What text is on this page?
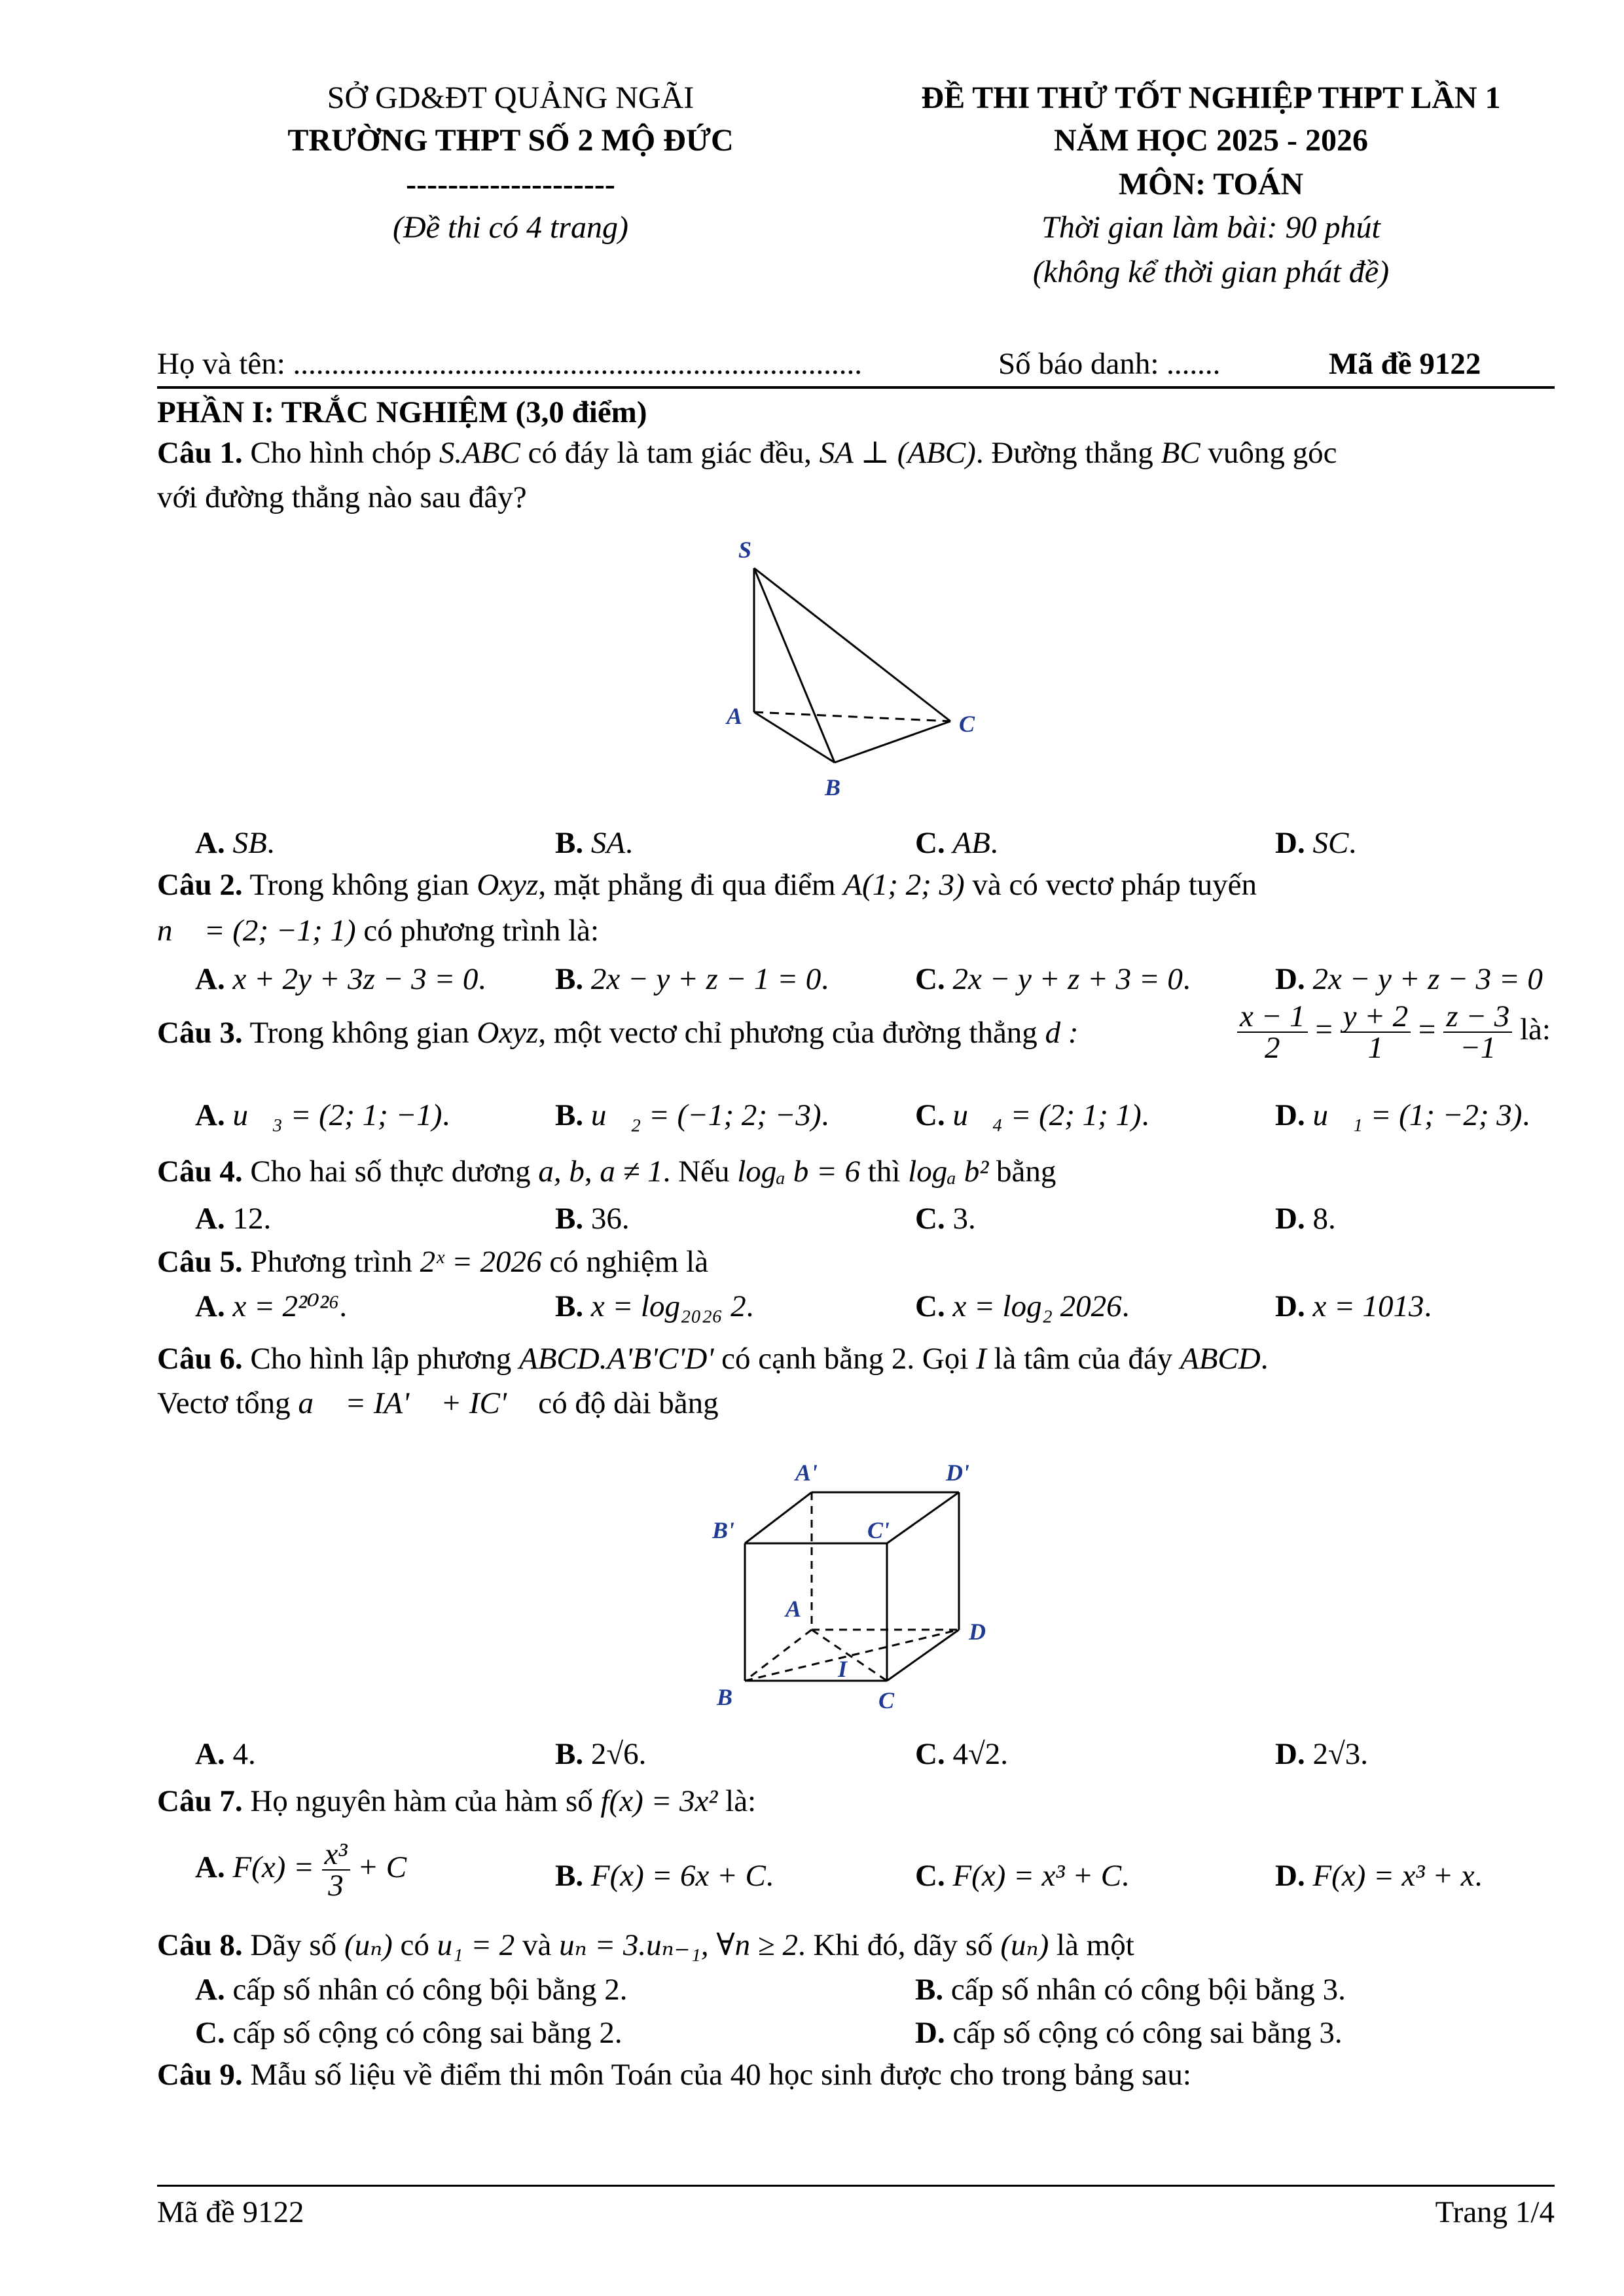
SỞ GD&ĐT QUẢNG NGÃI
TRƯỜNG THPT SỐ 2 MỘ ĐỨC
--------------------
(Đề thi có 4 trang)
ĐỀ THI THỬ TỐT NGHIỆP THPT LẦN 1
NĂM HỌC 2025 - 2026
MÔN: TOÁN
Thời gian làm bài: 90 phút
(không kể thời gian phát đề)
Họ và tên: ..........................................................................	Số báo danh: .......	Mã đề 9122
PHẦN I: TRẮC NGHIỆM (3,0 điểm)
Câu 1. Cho hình chóp S.ABC có đáy là tam giác đều, SA ⊥ (ABC). Đường thẳng BC vuông góc
với đường thẳng nào sau đây?
S
A
B
C
A. SB.	B. SA.	C. AB.	D. SC.
Câu 2. Trong không gian Oxyz, mặt phẳng đi qua điểm A(1; 2; 3) và có vectơ pháp tuyến
n⃗ = (2; −1; 1) có phương trình là:
A. x + 2y + 3z − 3 = 0. B. 2x − y + z − 1 = 0.	C. 2x − y + z + 3 = 0.	D. 2x − y + z − 3 = 0
Câu 3. Trong không gian Oxyz, một vectơ chỉ phương của đường thẳng d :	$\frac{x - 1}{2} = \frac{y + 2}{1} = \frac{z - 3}{-1}$ là:
A. u⃗₃ = (2; 1; −1).	B. u⃗₂ = (−1; 2; −3).	C. u⃗₄ = (2; 1; 1).	D. u⃗₁ = (1; −2; 3).
Câu 4. Cho hai số thực dương a, b, a ≠ 1. Nếu logₐ b = 6 thì logₐ b² bằng
A. 12.	B. 36.	C. 3.	D. 8.
Câu 5. Phương trình 2ˣ = 2026 có nghiệm là
A. x = 2²⁰²⁶.	B. x = log₂₀₂₆ 2.	C. x = log₂ 2026.	D. x = 1013.
Câu 6. Cho hình lập phương ABCD.A'B'C'D' có cạnh bằng 2. Gọi I là tâm của đáy ABCD.
Vectơ tổng a⃗ = IA'⃗ + IC'⃗ có độ dài bằng
A'	D'
B'	C'
A
D
I
B	C
A. 4.	B. 2√6.	C. 4√2.	D. 2√3.
Câu 7. Họ nguyên hàm của hàm số f(x) = 3x² là:
A. $F(x) = \frac{\text{x³}}{3} + C$	B. F(x) = 6x + C.	C. F(x) = x³ + C.	D. F(x) = x³ + x.
Câu 8. Dãy số (uₙ) có u₁ = 2 và uₙ = 3.uₙ₋₁, ∀n ≥ 2. Khi đó, dãy số (uₙ) là một
A. cấp số nhân có công bội bằng 2.	B. cấp số nhân có công bội bằng 3.
C. cấp số cộng có công sai bằng 2.	D. cấp số cộng có công sai bằng 3.
Câu 9. Mẫu số liệu về điểm thi môn Toán của 40 học sinh được cho trong bảng sau:
Mã đề 9122	Trang 1/4
